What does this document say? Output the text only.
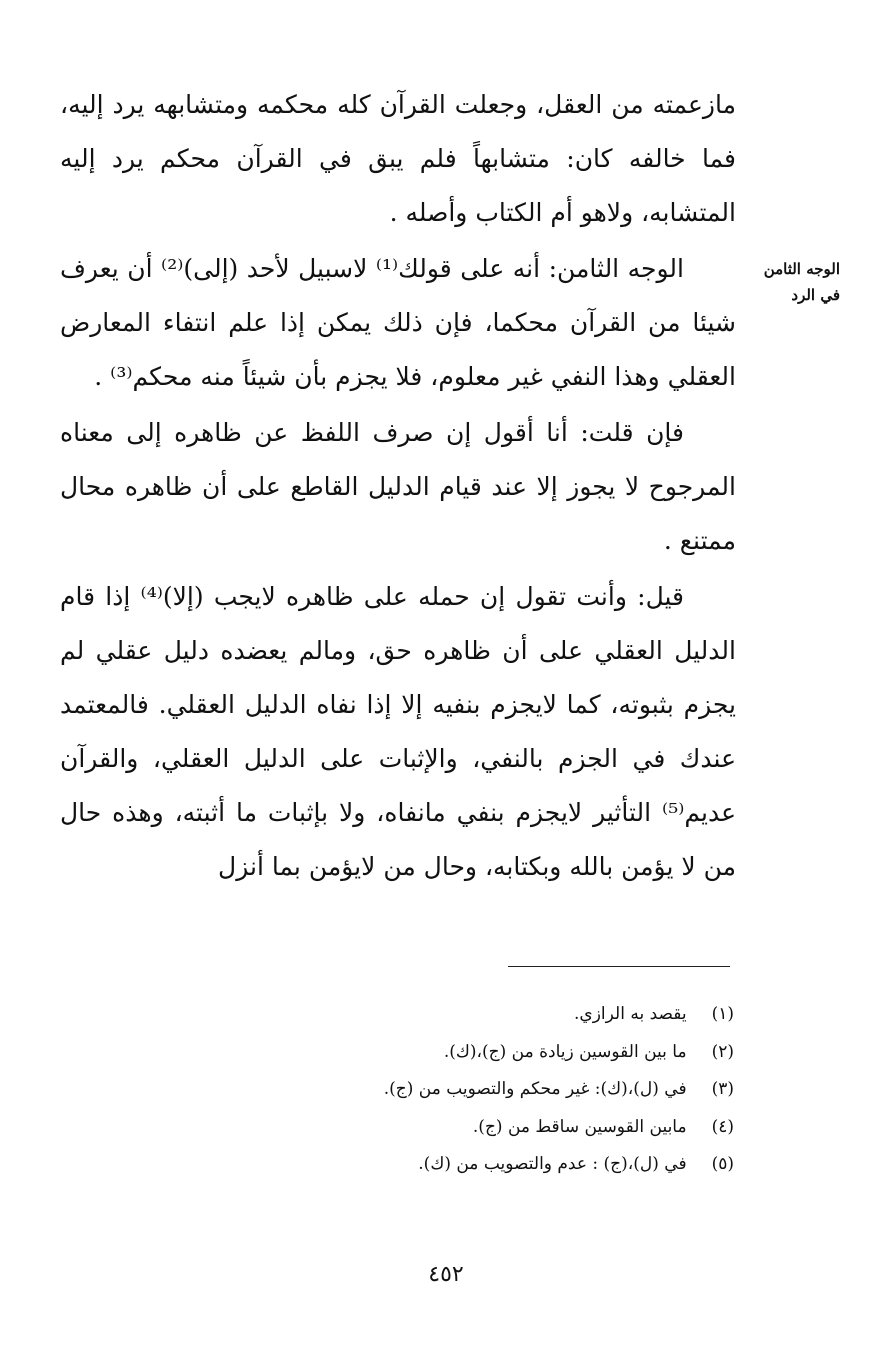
مازعمته من العقل، وجعلت القرآن كله محكمه ومتشابهه يرد إليه، فما خالفه كان: متشابهاً فلم يبق في القرآن محكم يرد إليه المتشابه، ولاهو أم الكتاب وأصله .

الوجه الثامن: أنه على قولك⁽¹⁾ لاسبيل لأحد (إلى)⁽²⁾ أن يعرف شيئا من القرآن محكما، فإن ذلك يمكن إذا علم انتفاء المعارض العقلي وهذا النفي غير معلوم، فلا يجزم بأن شيئاً منه محكم⁽³⁾ .

فإن قلت: أنا أقول إن صرف اللفظ عن ظاهره إلى معناه المرجوح لا يجوز إلا عند قيام الدليل القاطع على أن ظاهره محال ممتنع .

قيل: وأنت تقول إن حمله على ظاهره لايجب (إلا)⁽⁴⁾ إذا قام الدليل العقلي على أن ظاهره حق، ومالم يعضده دليل عقلي لم يجزم بثبوته، كما لايجزم بنفيه إلا إذا نفاه الدليل العقلي. فالمعتمد عندك في الجزم بالنفي، والإثبات على الدليل العقلي، والقرآن عديم⁽⁵⁾ التأثير لايجزم بنفي مانفاه، ولا بإثبات ما أثبته، وهذه حال من لا يؤمن بالله وبكتابه، وحال من لايؤمن بما أنزل

الوجه الثامن في الرد
(١) يقصد به الرازي.
(٢) ما بين القوسين زيادة من (ج)،(ك).
(٣) في (ل)،(ك): غير محكم والتصويب من (ج).
(٤) مابين القوسين ساقط من (ج).
(٥) في (ل)،(ج) : عدم والتصويب من (ك).
٤٥٢
